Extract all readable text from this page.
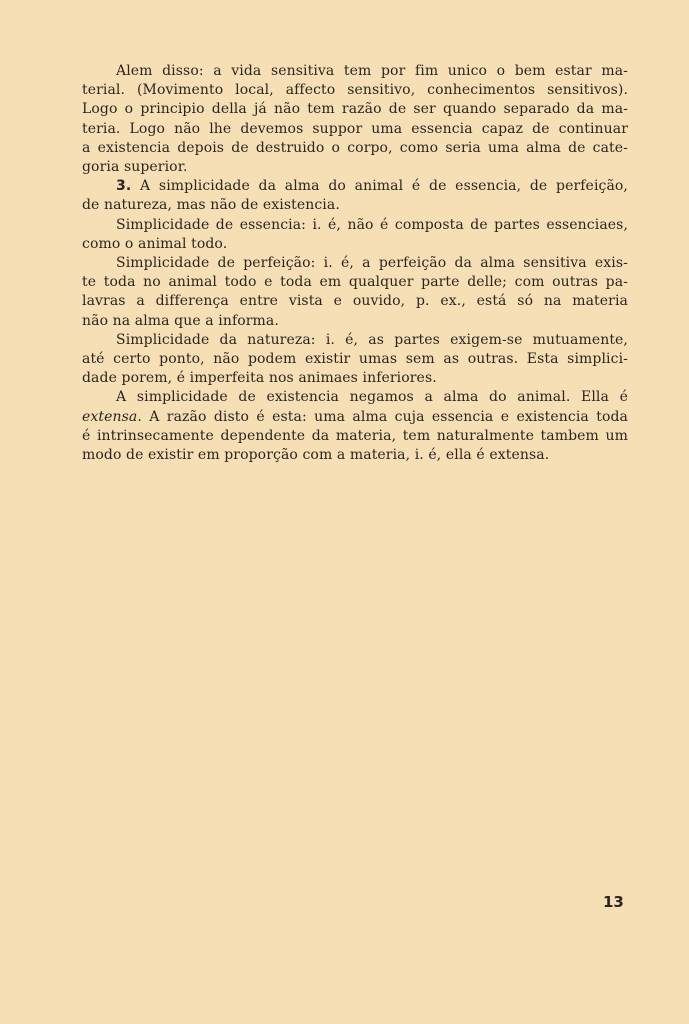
Alem disso: a vida sensitiva tem por fim unico o bem estar ma-
terial. (Movimento local, affecto sensitivo, conhecimentos sensitivos).
Logo o principio della já não tem razão de ser quando separado da ma-
teria. Logo não lhe devemos suppor uma essencia capaz de continuar
a existencia depois de destruido o corpo, como seria uma alma de cate-
goria superior.

3. A simplicidade da alma do animal é de essencia, de perfeição,
de natureza, mas não de existencia.

Simplicidade de essencia: i. é, não é composta de partes essenciaes,
como o animal todo.

Simplicidade de perfeição: i. é, a perfeição da alma sensitiva exis-
te toda no animal todo e toda em qualquer parte delle; com outras pa-
lavras a differença entre vista e ouvido, p. ex., está só na materia
não na alma que a informa.

Simplicidade da natureza: i. é, as partes exigem-se mutuamente,
até certo ponto, não podem existir umas sem as outras. Esta simplici-
dade porem, é imperfeita nos animaes inferiores.

A simplicidade de existencia negamos a alma do animal. Ella é
extensa. A razão disto é esta: uma alma cuja essencia e existencia toda
é intrinsecamente dependente da materia, tem naturalmente tambem um
modo de existir em proporção com a materia, i. é, ella é extensa.

13
